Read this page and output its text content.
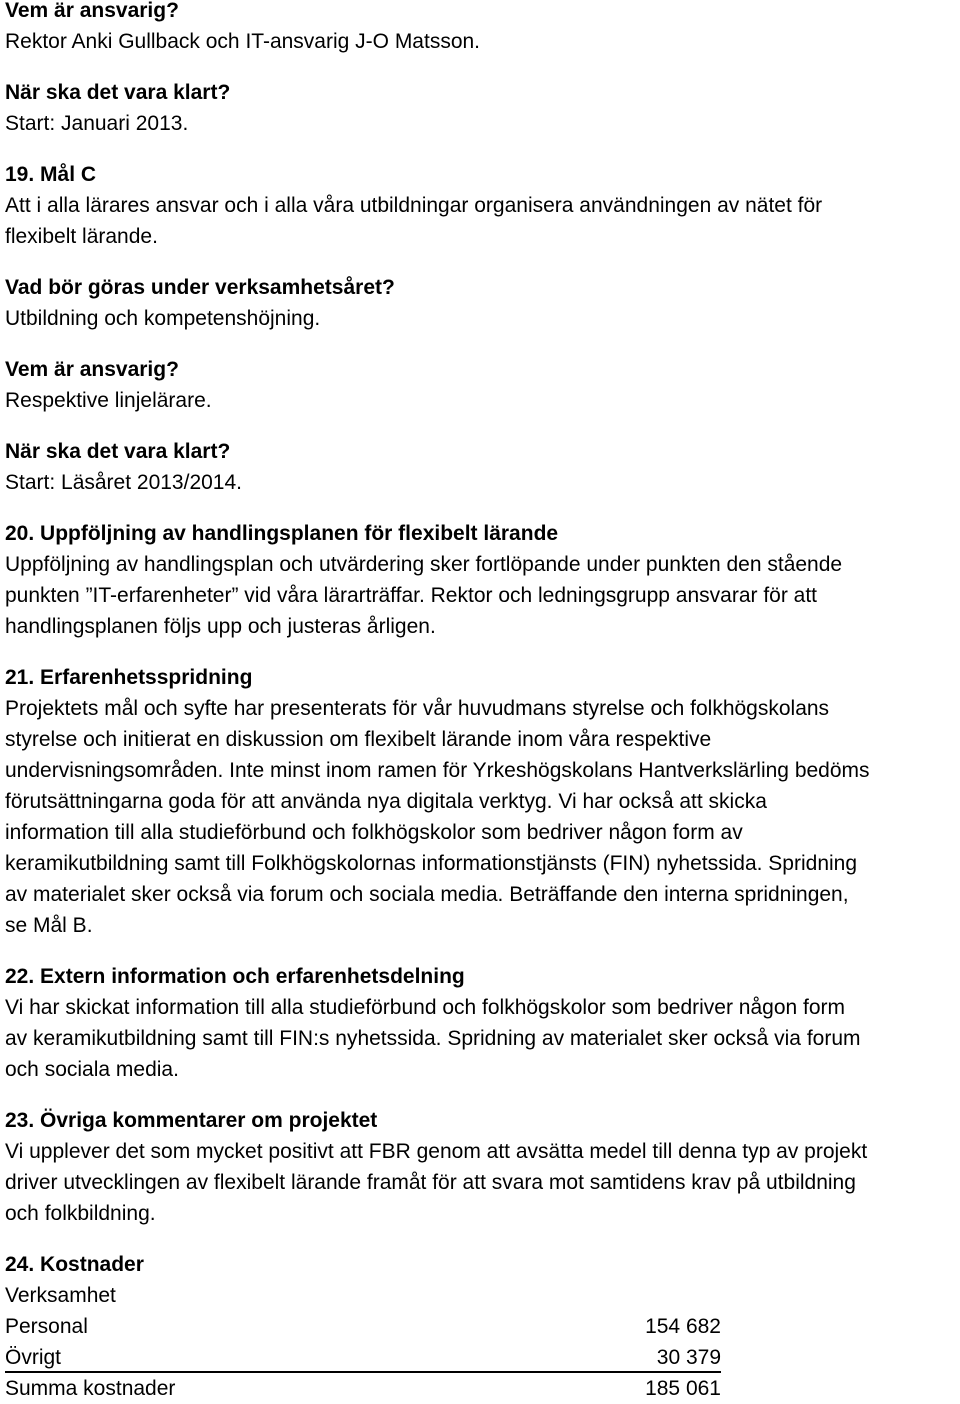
Vem är ansvarig?
Rektor Anki Gullback och IT-ansvarig J-O Matsson.
När ska det vara klart?
Start: Januari 2013.
19. Mål C
Att i alla lärares ansvar och i alla våra utbildningar organisera användningen av nätet för
flexibelt lärande.
Vad bör göras under verksamhetsåret?
Utbildning och kompetenshöjning.
Vem är ansvarig?
Respektive linjelärare.
När ska det vara klart?
Start: Läsåret 2013/2014.
20. Uppföljning av handlingsplanen för flexibelt lärande
Uppföljning av handlingsplan och utvärdering sker fortlöpande under punkten den stående
punkten ”IT-erfarenheter” vid våra lärarträffar. Rektor och ledningsgrupp ansvarar för att
handlingsplanen följs upp och justeras årligen.
21. Erfarenhetsspridning
Projektets mål och syfte har presenterats för vår huvudmans styrelse och folkhögskolans
styrelse och initierat en diskussion om flexibelt lärande inom våra respektive
undervisningsområden. Inte minst inom ramen för Yrkeshögskolans Hantverkslärling bedöms
förutsättningarna goda för att använda nya digitala verktyg. Vi har också att skicka
information till alla studieförbund och folkhögskolor som bedriver någon form av
keramikutbildning samt till Folkhögskolornas informationstjänsts (FIN) nyhetssida. Spridning
av materialet sker också via forum och sociala media. Beträffande den interna spridningen,
se Mål B.
22. Extern information och erfarenhetsdelning
Vi har skickat information till alla studieförbund och folkhögskolor som bedriver någon form
av keramikutbildning samt till FIN:s nyhetssida. Spridning av materialet sker också via forum
och sociala media.
23. Övriga kommentarer om projektet
Vi upplever det som mycket positivt att FBR genom att avsätta medel till denna typ av projekt
driver utvecklingen av flexibelt lärande framåt för att svara mot samtidens krav på utbildning
och folkbildning.
24. Kostnader
Verksamhet
Personal	154 682
Övrigt	30 379
Summa kostnader	185 061
